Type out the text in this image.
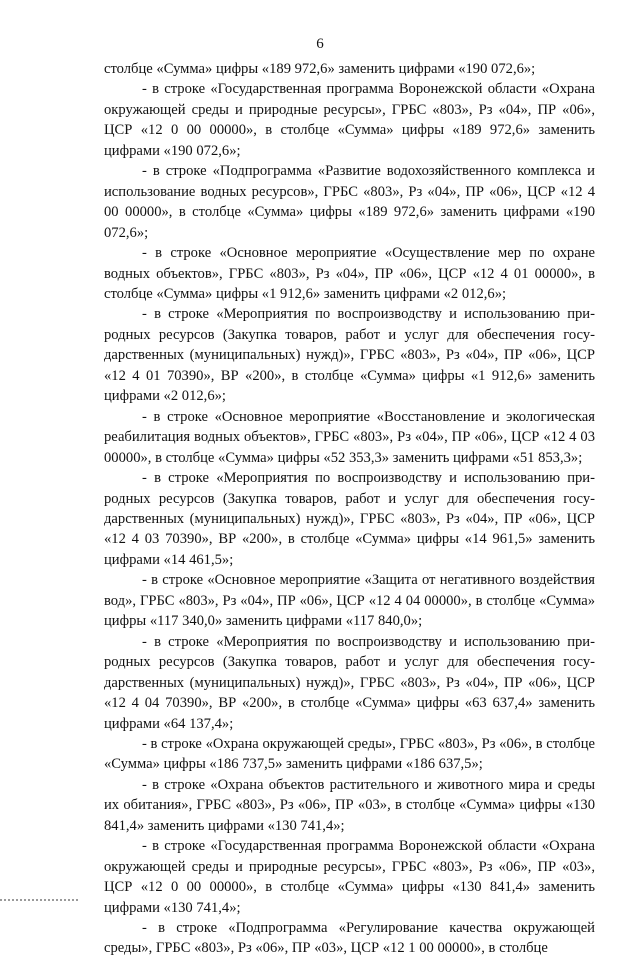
6

столбце «Сумма» цифры «189 972,6» заменить цифрами «190 072,6»;

- в строке «Государственная программа Воронежской области «Охрана окружающей среды и природные ресурсы», ГРБС «803», Рз «04», ПР «06», ЦСР «12 0 00 00000», в столбце «Сумма» цифры «189 972,6» заменить цифрами «190 072,6»;

- в строке «Подпрограмма «Развитие водохозяйственного комплекса и использование водных ресурсов», ГРБС «803», Рз «04», ПР «06», ЦСР «12 4 00 00000», в столбце «Сумма» цифры «189 972,6» заменить цифрами «190 072,6»;

- в строке «Основное мероприятие «Осуществление мер по охране водных объектов», ГРБС «803», Рз «04», ПР «06», ЦСР «12 4 01 00000», в столбце «Сумма» цифры «1 912,6» заменить цифрами «2 012,6»;

- в строке «Мероприятия по воспроизводству и использованию природных ресурсов (Закупка товаров, работ и услуг для обеспечения государственных (муниципальных) нужд)», ГРБС «803», Рз «04», ПР «06», ЦСР «12 4 01 70390», ВР «200», в столбце «Сумма» цифры «1 912,6» заменить цифрами «2 012,6»;

- в строке «Основное мероприятие «Восстановление и экологическая реабилитация водных объектов», ГРБС «803», Рз «04», ПР «06», ЦСР «12 4 03 00000», в столбце «Сумма» цифры «52 353,3» заменить цифрами «51 853,3»;

- в строке «Мероприятия по воспроизводству и использованию природных ресурсов (Закупка товаров, работ и услуг для обеспечения государственных (муниципальных) нужд)», ГРБС «803», Рз «04», ПР «06», ЦСР «12 4 03 70390», ВР «200», в столбце «Сумма» цифры «14 961,5» заменить цифрами «14 461,5»;

- в строке «Основное мероприятие «Защита от негативного воздействия вод», ГРБС «803», Рз «04», ПР «06», ЦСР «12 4 04 00000», в столбце «Сумма» цифры «117 340,0» заменить цифрами «117 840,0»;

- в строке «Мероприятия по воспроизводству и использованию природных ресурсов (Закупка товаров, работ и услуг для обеспечения государственных (муниципальных) нужд)», ГРБС «803», Рз «04», ПР «06», ЦСР «12 4 04 70390», ВР «200», в столбце «Сумма» цифры «63 637,4» заменить цифрами «64 137,4»;

- в строке «Охрана окружающей среды», ГРБС «803», Рз «06», в столбце «Сумма» цифры «186 737,5» заменить цифрами «186 637,5»;

- в строке «Охрана объектов растительного и животного мира и среды их обитания», ГРБС «803», Рз «06», ПР «03», в столбце «Сумма» цифры «130 841,4» заменить цифрами «130 741,4»;

- в строке «Государственная программа Воронежской области «Охрана окружающей среды и природные ресурсы», ГРБС «803», Рз «06», ПР «03», ЦСР «12 0 00 00000», в столбце «Сумма» цифры «130 841,4» заменить цифрами «130 741,4»;

- в строке «Подпрограмма «Регулирование качества окружающей среды», ГРБС «803», Рз «06», ПР «03», ЦСР «12 1 00 00000», в столбце
